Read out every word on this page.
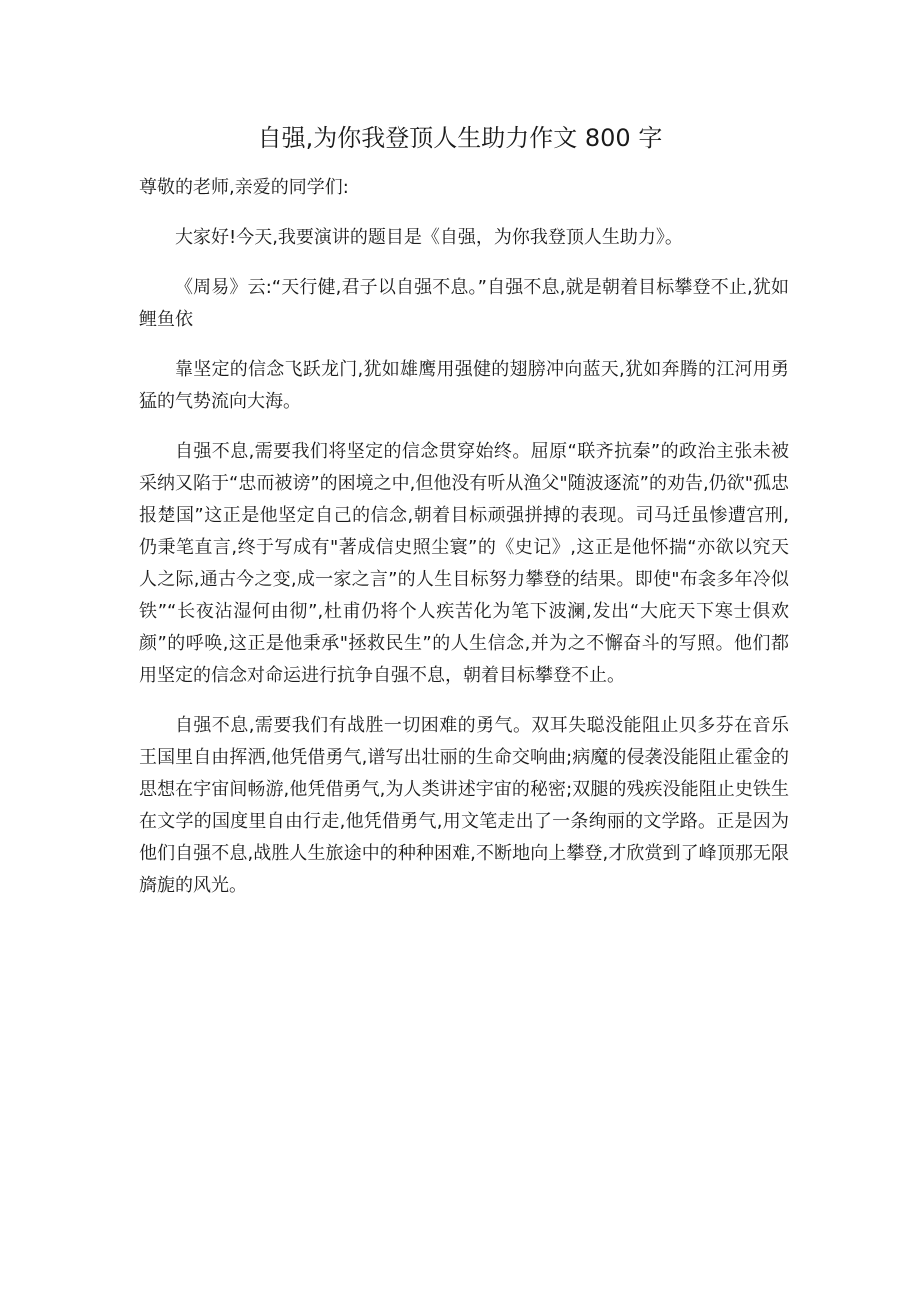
自强,为你我登顶人生助力作文 800 字

尊敬的老师,亲爱的同学们:

大家好!今天,我要演讲的题目是《自强，为你我登顶人生助力》。

《周易》云:“天行健,君子以自强不息。”自强不息,就是朝着目标攀登不止,犹如鲤鱼依

靠坚定的信念飞跃龙门,犹如雄鹰用强健的翅膀冲向蓝天,犹如奔腾的江河用勇猛的气势流向大海。

自强不息,需要我们将坚定的信念贯穿始终。屈原“联齐抗秦”的政治主张未被采纳又陷于“忠而被谤”的困境之中,但他没有听从渔父"随波逐流”的劝告,仍欲"孤忠报楚国”这正是他坚定自己的信念,朝着目标顽强拼搏的表现。司马迁虽惨遭宫刑,仍秉笔直言,终于写成有"著成信史照尘寰”的《史记》,这正是他怀揣“亦欲以究天人之际,通古今之变,成一家之言”的人生目标努力攀登的结果。即使"布衾多年冷似铁”“长夜沾湿何由彻”,杜甫仍将个人疾苦化为笔下波澜,发出“大庇天下寒士俱欢颜”的呼唤,这正是他秉承"拯救民生”的人生信念,并为之不懈奋斗的写照。他们都用坚定的信念对命运进行抗争自强不息，朝着目标攀登不止。

自强不息,需要我们有战胜一切困难的勇气。双耳失聪没能阻止贝多芬在音乐王国里自由挥洒,他凭借勇气,谱写出壮丽的生命交响曲;病魔的侵袭没能阻止霍金的思想在宇宙间畅游,他凭借勇气,为人类讲述宇宙的秘密;双腿的残疾没能阻止史铁生在文学的国度里自由行走,他凭借勇气,用文笔走出了一条绚丽的文学路。正是因为他们自强不息,战胜人生旅途中的种种困难,不断地向上攀登,才欣赏到了峰顶那无限旖旎的风光。
